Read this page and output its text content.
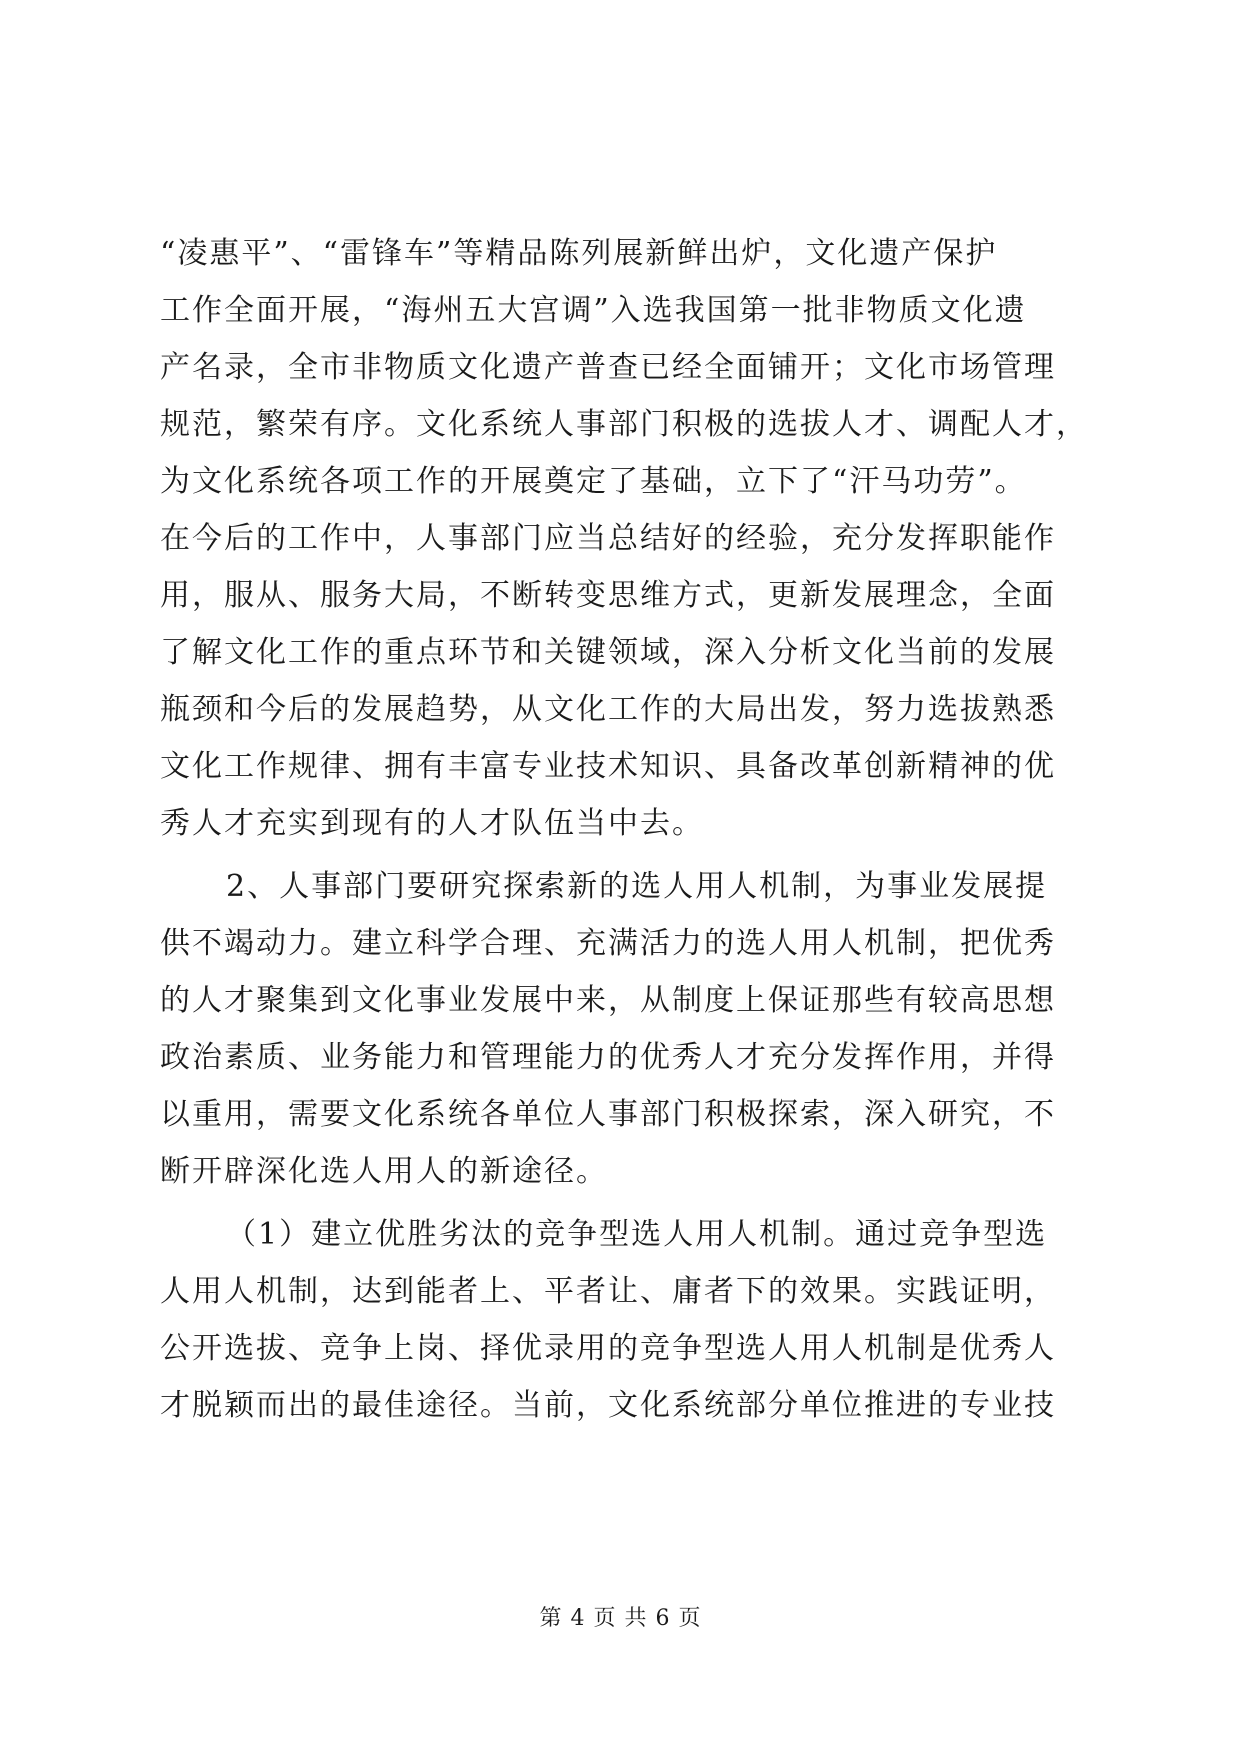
“凌惠平”、“雷锋车”等精品陈列展新鲜出炉，文化遗产保护
工作全面开展，“海州五大宫调”入选我国第一批非物质文化遗
产名录，全市非物质文化遗产普查已经全面铺开；文化市场管理
规范，繁荣有序。文化系统人事部门积极的选拔人才、调配人才，
为文化系统各项工作的开展奠定了基础，立下了“汗马功劳”。
在今后的工作中，人事部门应当总结好的经验，充分发挥职能作
用，服从、服务大局，不断转变思维方式，更新发展理念，全面
了解文化工作的重点环节和关键领域，深入分析文化当前的发展
瓶颈和今后的发展趋势，从文化工作的大局出发，努力选拔熟悉
文化工作规律、拥有丰富专业技术知识、具备改革创新精神的优
秀人才充实到现有的人才队伍当中去。
2、人事部门要研究探索新的选人用人机制，为事业发展提
供不竭动力。建立科学合理、充满活力的选人用人机制，把优秀
的人才聚集到文化事业发展中来，从制度上保证那些有较高思想
政治素质、业务能力和管理能力的优秀人才充分发挥作用，并得
以重用，需要文化系统各单位人事部门积极探索，深入研究，不
断开辟深化选人用人的新途径。
（1）建立优胜劣汰的竞争型选人用人机制。通过竞争型选
人用人机制，达到能者上、平者让、庸者下的效果。实践证明，
公开选拔、竞争上岗、择优录用的竞争型选人用人机制是优秀人
才脱颖而出的最佳途径。当前，文化系统部分单位推进的专业技
第 4 页 共 6 页
